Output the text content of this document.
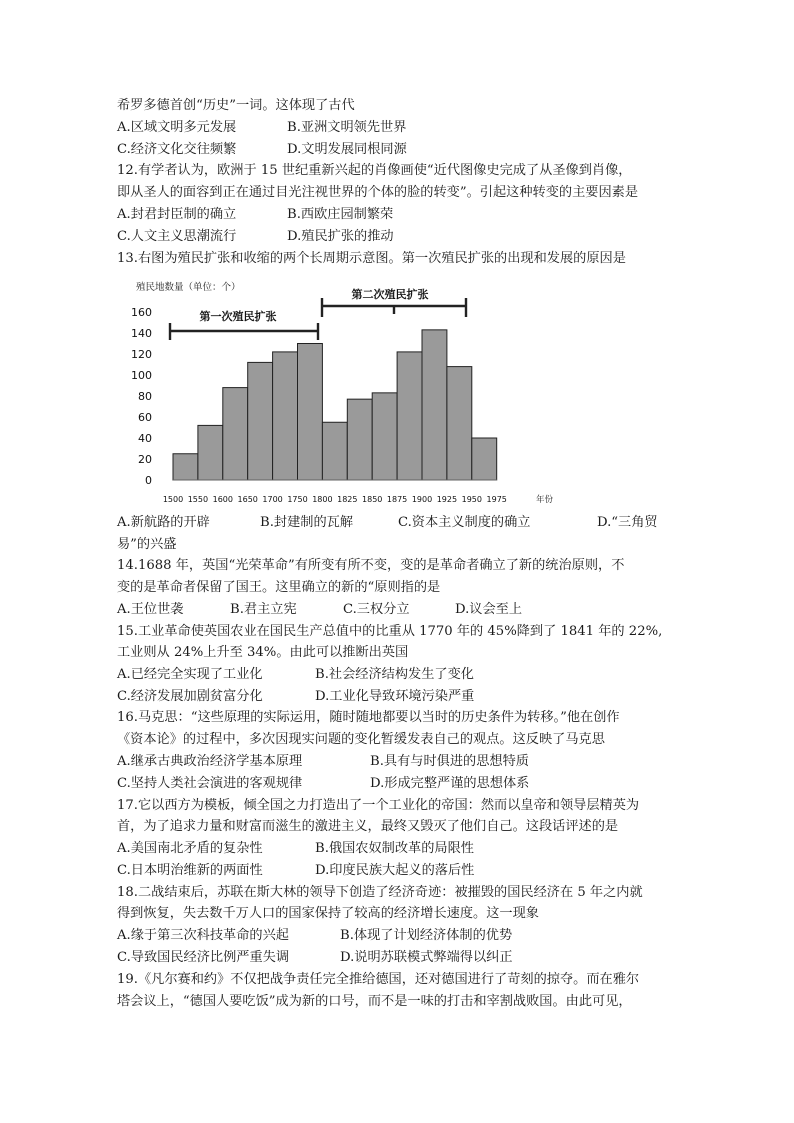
希罗多德首创“历史”一词。这体现了古代
A.区域文明多元发展	B.亚洲文明领先世界
C.经济文化交往频繁	D.文明发展同根同源
12.有学者认为，欧洲于 15 世纪重新兴起的肖像画使“近代图像史完成了从圣像到肖像，
即从圣人的面容到正在通过目光注视世界的个体的脸的转变”。引起这种转变的主要因素是
A.封君封臣制的确立	B.西欧庄园制繁荣
C.人文主义思潮流行	D.殖民扩张的推动
13.右图为殖民扩张和收缩的两个长周期示意图。第一次殖民扩张的出现和发展的原因是
殖民地数量（单位：个）
0
20
40
60
80
100
120
140
160
1500 1550 1600 1650 1700 1750 1800 1825 1850 1875 1900 1925 1950 1975	年份
第一次殖民扩张
第二次殖民扩张
A.新航路的开辟	B.封建制的瓦解	C.资本主义制度的确立	D.“三角贸
易”的兴盛
14.1688 年，英国“光荣革命”有所变有所不变，变的是革命者确立了新的统治原则，不
变的是革命者保留了国王。这里确立的新的“原则指的是
A.王位世袭	B.君主立宪	C.三权分立	D.议会至上
15.工业革命使英国农业在国民生产总值中的比重从 1770 年的 45%降到了 1841 年的 22%,
工业则从 24%上升至 34%。由此可以推断出英国
A.已经完全实现了工业化	B.社会经济结构发生了变化
C.经济发展加剧贫富分化	D.工业化导致环境污染严重
16.马克思：“这些原理的实际运用，随时随地都要以当时的历史条件为转移。”他在创作
《资本论》的过程中，多次因现实问题的变化暂缓发表自己的观点。这反映了马克思
A.继承古典政治经济学基本原理	B.具有与时俱进的思想特质
C.坚持人类社会演进的客观规律	D.形成完整严谨的思想体系
17.它以西方为模板，倾全国之力打造出了一个工业化的帝国：然而以皇帝和领导层精英为
首，为了追求力量和财富而滋生的激进主义，最终又毁灭了他们自己。这段话评述的是
A.美国南北矛盾的复杂性	B.俄国农奴制改革的局限性
C.日本明治维新的两面性	D.印度民族大起义的落后性
18.二战结束后，苏联在斯大林的领导下创造了经济奇迹：被摧毁的国民经济在 5 年之内就
得到恢复，失去数千万人口的国家保持了较高的经济增长速度。这一现象
A.缘于第三次科技革命的兴起	B.体现了计划经济体制的优势
C.导致国民经济比例严重失调	D.说明苏联模式弊端得以纠正
19.《凡尔赛和约》不仅把战争责任完全推给德国，还对德国进行了苛刻的掠夺。而在雅尔
塔会议上，“德国人要吃饭”成为新的口号，而不是一味的打击和宰割战败国。由此可见，
